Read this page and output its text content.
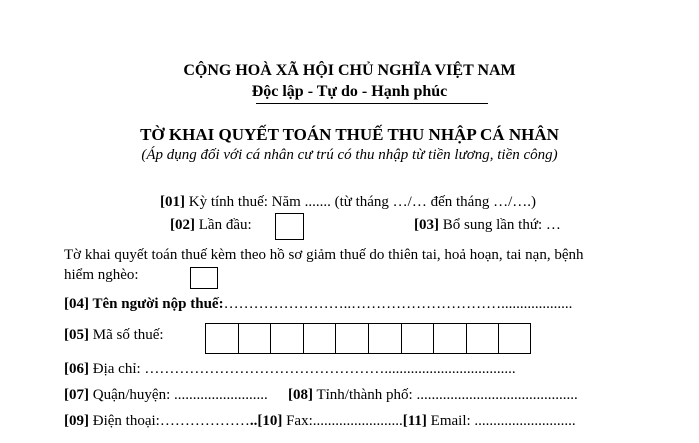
CỘNG HOÀ XÃ HỘI CHỦ NGHĨA VIỆT NAM
Độc lập - Tự do - Hạnh phúc
TỜ KHAI QUYẾT TOÁN THUẾ THU NHẬP CÁ NHÂN
(Áp dụng đối với cá nhân cư trú có thu nhập từ tiền lương, tiền công)
[01] Kỳ tính thuế: Năm ....... (từ tháng …/… đến tháng …/….)
[02] Lần đầu:	[03] Bổ sung lần thứ: …
Tờ khai quyết toán thuế kèm theo hồ sơ giảm thuế do thiên tai, hoả hoạn, tai nạn, bệnh
hiểm nghèo:
[04] Tên người nộp thuế:……………………..…………………………...................
[05] Mã số thuế:
[06] Địa chỉ: …………………………………………...................................
[07] Quận/huyện: ......................... [08] Tỉnh/thành phố: ...........................................
[09] Điện thoại:………………..[10] Fax:........................[11] Email: ...........................
